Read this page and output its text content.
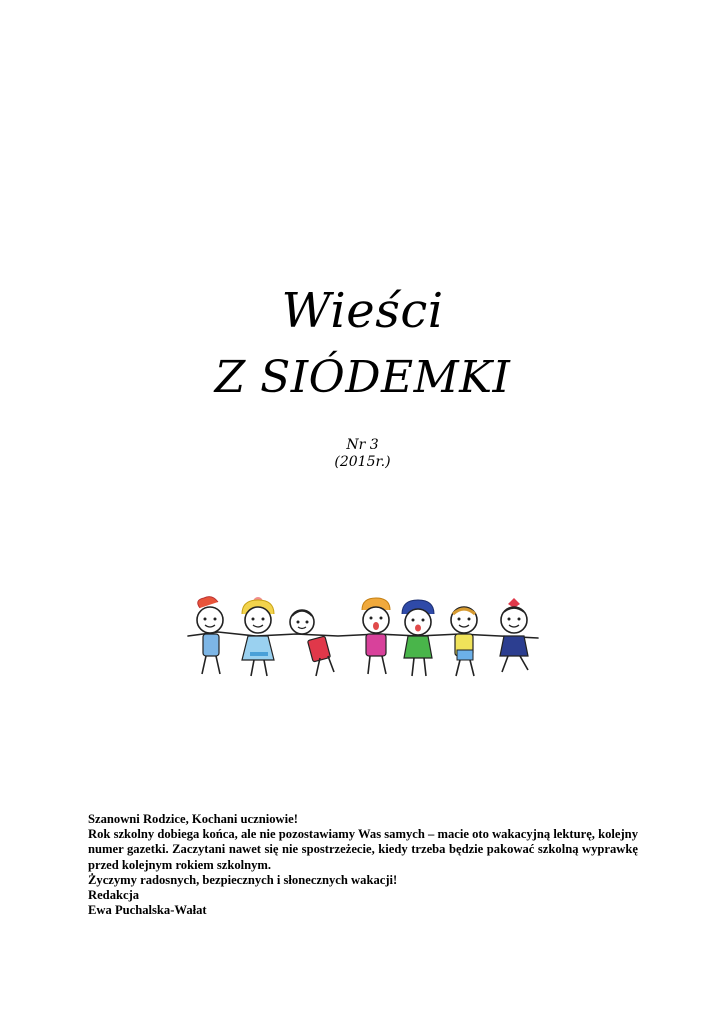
Wieści
Z SIÓDEMKI
Nr 3
(2015r.)

Szanowni Rodzice, Kochani uczniowie!

Rok szkolny dobiega końca, ale nie pozostawiamy Was samych – macie oto wakacyjną lekturę, kolejny numer gazetki. Zaczytani nawet się nie spostrzeżecie, kiedy trzeba będzie pakować szkolną wyprawkę przed kolejnym rokiem szkolnym.

Życzymy radosnych, bezpiecznych i słonecznych wakacji!

Redakcja

Ewa Puchalska-Wałat
